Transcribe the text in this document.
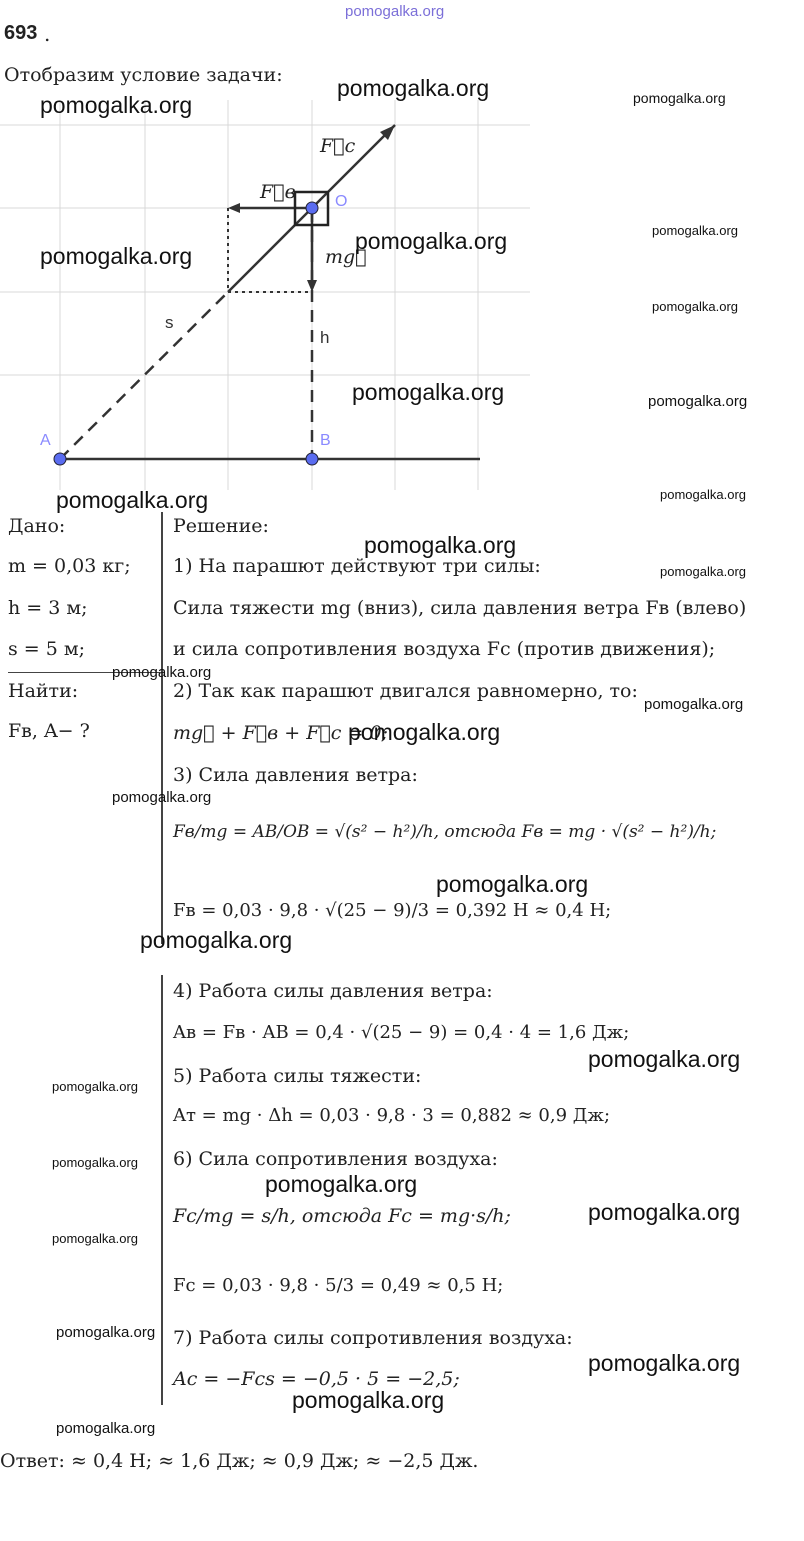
pomogalka.org
693 .
Отобразим условие задачи:
F⃗c
F⃗в O
mg⃗
s
h
A	B
Дано:
m = 0,03 кг;
h = 3 м;
s = 5 м;
Найти:
Fв, A− ?
Решение:
1) На парашют действуют три силы:
Сила тяжести mg (вниз), сила давления ветра Fв (влево)
и сила сопротивления воздуха Fс (против движения);
2) Так как парашют двигался равномерно, то:
mg⃗ + F⃗в + F⃗с = 0;
3) Сила давления ветра:
Fв/mg = AB/OB = √(s² − h²)/h, отсюда Fв = mg · √(s² − h²)/h;
Fв = 0,03 · 9,8 · √(25 − 9)/3 = 0,392 Н ≈ 0,4 Н;
4) Работа силы давления ветра:
Aв = Fв · AB = 0,4 · √(25 − 9) = 0,4 · 4 = 1,6 Дж;
5) Работа силы тяжести:
Aт = mg · Δh = 0,03 · 9,8 · 3 = 0,882 ≈ 0,9 Дж;
6) Сила сопротивления воздуха:
Fс/mg = s/h, отсюда Fс = mg·s/h;
Fс = 0,03 · 9,8 · 5/3 = 0,49 ≈ 0,5 Н;
7) Работа силы сопротивления воздуха:
Aс = −Fсs = −0,5 · 5 = −2,5;
Ответ: ≈ 0,4 Н; ≈ 1,6 Дж; ≈ 0,9 Дж; ≈ −2,5 Дж.
pomogalka.org
pomogalka.org	pomogalka.org
pomogalka.org
pomogalka.org
pomogalka.org
pomogalka.org
pomogalka.org	pomogalka.org
pomogalka.org	pomogalka.org
pomogalka.org
pomogalka.org
pomogalka.org
pomogalka.org
pomogalka.org
pomogalka.org
pomogalka.org
pomogalka.org
pomogalka.org
pomogalka.org
pomogalka.org
pomogalka.org
pomogalka.org
pomogalka.org
pomogalka.org
pomogalka.org
pomogalka.org
pomogalka.org
